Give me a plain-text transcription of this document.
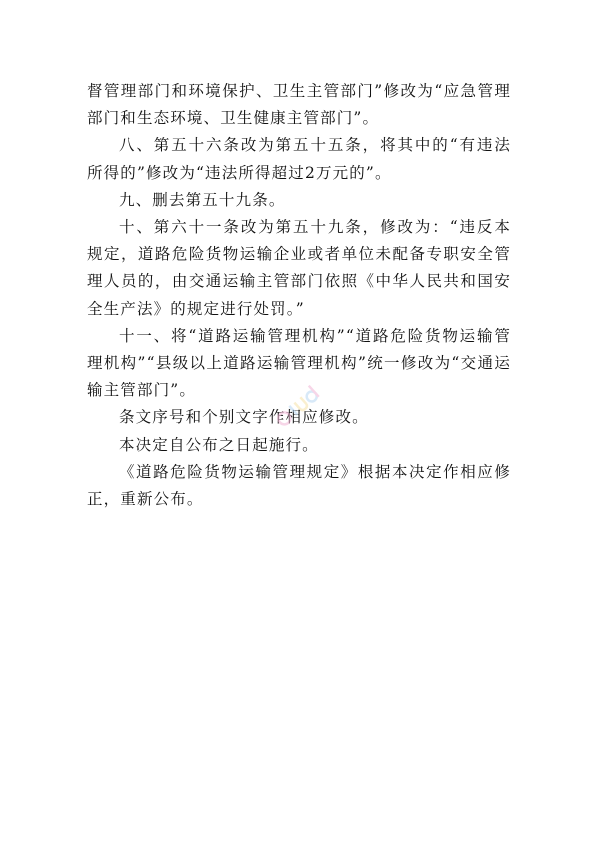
督管理部门和环境保护、卫生主管部门”修改为“应急管理部门和生态环境、卫生健康主管部门”。

八、第五十六条改为第五十五条，将其中的“有违法所得的”修改为“违法所得超过2万元的”。

九、删去第五十九条。

十、第六十一条改为第五十九条，修改为：“违反本规定，道路危险货物运输企业或者单位未配备专职安全管理人员的，由交通运输主管部门依照《中华人民共和国安全生产法》的规定进行处罚。”

十一、将“道路运输管理机构”“道路危险货物运输管理机构”“县级以上道路运输管理机构”统一修改为“交通运输主管部门”。

条文序号和个别文字作相应修改。

本决定自公布之日起施行。

《道路危险货物运输管理规定》根据本决定作相应修正，重新公布。
